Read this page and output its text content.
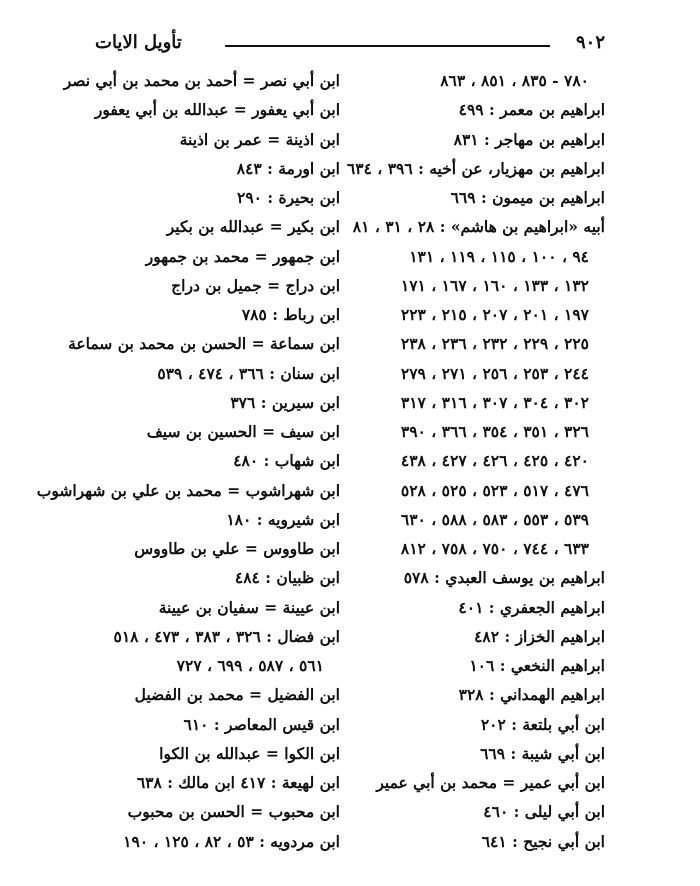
٩٠٢
تأويل الايات
٧٨٠ - ٨٣٥ ، ٨٥١ ، ٨٦٣
ابراهيم بن معمر : ٤٩٩
ابراهيم بن مهاجر : ٨٣١
ابراهيم بن مهزيار، عن أخيه : ٣٩٦ ، ٦٣٤
ابراهيم بن ميمون : ٦٦٩
أبيه «ابراهيم بن هاشم» : ٢٨ ، ٣١ ، ٨١
٩٤ ، ١٠٠ ، ١١٥ ، ١١٩ ، ١٣١
١٣٢ ، ١٣٣ ، ١٦٠ ، ١٦٧ ، ١٧١
١٩٧ ، ٢٠١ ، ٢٠٧ ، ٢١٥ ، ٢٢٣
٢٢٥ ، ٢٢٩ ، ٢٣٢ ، ٢٣٦ ، ٢٣٨
٢٤٤ ، ٢٥٣ ، ٢٥٦ ، ٢٧١ ، ٢٧٩
٣٠٢ ، ٣٠٤ ، ٣٠٧ ، ٣١٦ ، ٣١٧
٣٢٦ ، ٣٥١ ، ٣٥٤ ، ٣٦٦ ، ٣٩٠
٤٢٠ ، ٤٢٥ ، ٤٢٦ ، ٤٢٧ ، ٤٣٨
٤٧٦ ، ٥١٧ ، ٥٢٣ ، ٥٢٥ ، ٥٢٨
٥٣٩ ، ٥٥٣ ، ٥٨٣ ، ٥٨٨ ، ٦٣٠
٦٣٣ ، ٧٤٤ ، ٧٥٠ ، ٧٥٨ ، ٨١٢
ابراهيم بن يوسف العبدي : ٥٧٨
ابراهيم الجعفري : ٤٠١
ابراهيم الخزاز : ٤٨٢
ابراهيم النخعي : ١٠٦
ابراهيم الهمداني : ٣٢٨
ابن أبي بلتعة : ٢٠٢
ابن أبي شيبة : ٦٦٩
ابن أبي عمير = محمد بن أبي عمير
ابن أبي ليلى : ٤٦٠
ابن أبي نجيح : ٦٤١
ابن أبي نصر = أحمد بن محمد بن أبي نصر
ابن أبي يعفور = عبدالله بن أبي يعفور
ابن اذينة = عمر بن اذينة
ابن اورمة : ٨٤٣
ابن بحيرة : ٢٩٠
ابن بكير = عبدالله بن بكير
ابن جمهور = محمد بن جمهور
ابن دراج = جميل بن دراج
ابن رباط : ٧٨٥
ابن سماعة = الحسن بن محمد بن سماعة
ابن سنان : ٣٦٦ ، ٤٧٤ ، ٥٣٩
ابن سيرين : ٣٧٦
ابن سيف = الحسين بن سيف
ابن شهاب : ٤٨٠
ابن شهراشوب = محمد بن علي بن شهراشوب
ابن شيرويه : ١٨٠
ابن طاووس = علي بن طاووس
ابن ظبيان : ٤٨٤
ابن عيينة = سفيان بن عيينة
ابن فضال : ٣٢٦ ، ٣٨٣ ، ٤٧٣ ، ٥١٨
٥٦١ ، ٥٨٧ ، ٦٩٩ ، ٧٢٧
ابن الفضيل = محمد بن الفضيل
ابن قيس المعاصر : ٦١٠
ابن الكوا = عبدالله بن الكوا
ابن لهيعة : ٤١٧ ابن مالك : ٦٣٨
ابن محبوب = الحسن بن محبوب
ابن مردويه : ٥٣ ، ٨٢ ، ١٢٥ ، ١٩٠
